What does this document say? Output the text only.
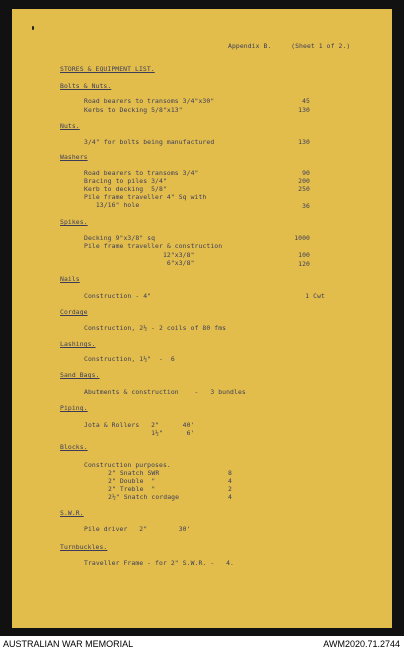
Appendix B.     (Sheet 1 of 2.)
STORES & EQUIPMENT LIST.
Bolts & Nuts.
Road bearers to transoms 3/4"x30"	45
Kerbs to Decking 5/8"x13"	130
Nuts.
3/4" for bolts being manufactured	130
Washers
Road bearers to transoms 3/4"	90
Bracing to piles 3/4"	200
Kerb to decking  5/8"	250
Pile frame traveller 4" Sq with
13/16" hole	36
Spikes.
Decking 9"x3/8" sq	1000
Pile frame traveller & construction
12"x3/8"	100
6"x3/8"	120
Nails
Construction - 4"	1 Cwt
Cordage
Construction, 2½ - 2 coils of 80 fms
Lashings.
Construction, 1½"  -  6
Sand Bags.
Abutments & construction    -   3 bundles
Piping.
Jota & Rollers   2"      40'
1½"      6'
Blocks.
Construction purposes.
2" Snatch SWR	8
2" Double  "	4
2" Treble  "	2
2½" Snatch cordage	4
S.W.R.
Pile driver   2"        30'
Turnbuckles.
Traveller Frame - for 2" S.W.R. -   4.
AUSTRALIAN WAR MEMORIAL	AWM2020.71.2744
